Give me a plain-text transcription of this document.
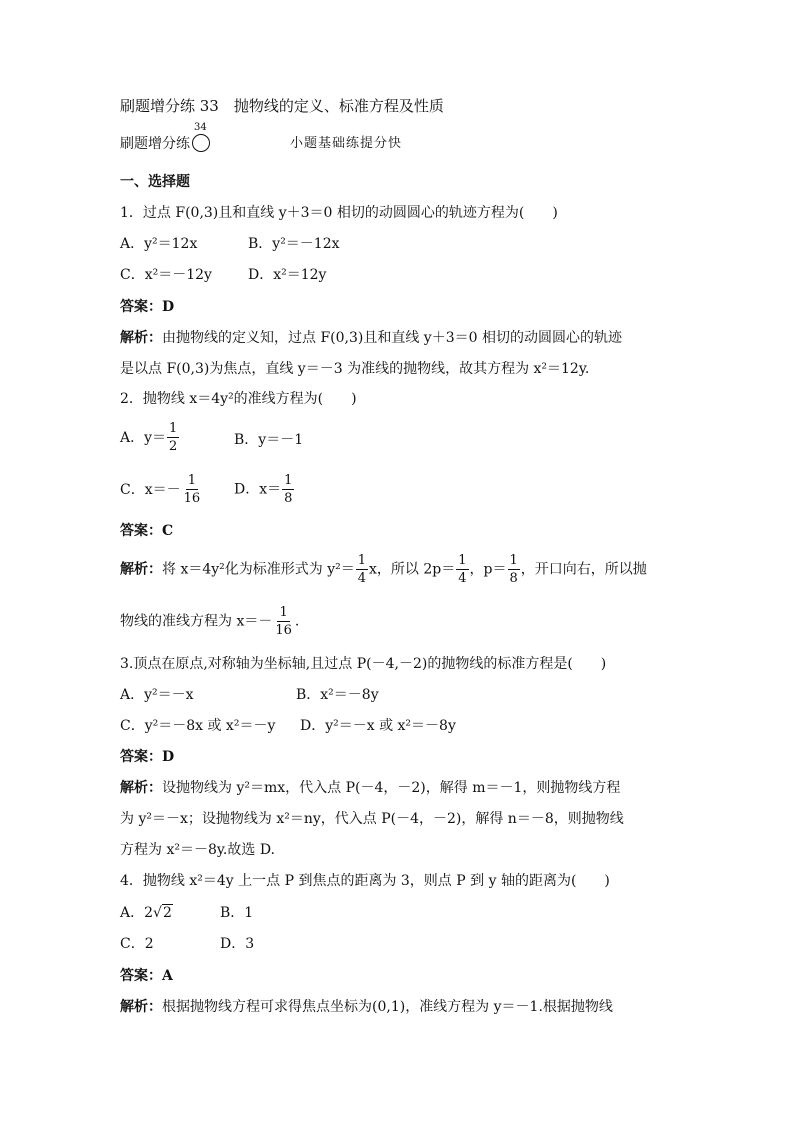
刷题增分练 33　抛物线的定义、标准方程及性质
刷题增分练
34
小题基础练提分快
一、选择题
1．过点 F(0,3)且和直线 y＋3＝0 相切的动圆圆心的轨迹方程为(　　)
A．y²＝12x	B．y²＝－12x
C．x²＝－12y	D．x²＝12y
答案：D
解析：由抛物线的定义知，过点 F(0,3)且和直线 y＋3＝0 相切的动圆圆心的轨迹
是以点 F(0,3)为焦点，直线 y＝－3 为准线的抛物线，故其方程为 x²＝12y.
2．抛物线 x＝4y²的准线方程为(　　)
A．$y= \frac{1}{2}$	B．y＝－1
C．$x=- \frac{1}{16}$ D．$x= \frac{1}{8}$
答案：C
解析：将 x＝4y²化为标准形式为 $y^2= \frac{1}{4}$ x，所以 $2p= \frac{1}{4}$ ，$p= \frac{1}{8}$ ，开口向右，所以抛
物线的准线方程为 $x=- \frac{1}{16}$ .
3.顶点在原点,对称轴为坐标轴,且过点 P(－4,－2)的抛物线的标准方程是(　　)
A．y²＝－x	B．x²＝－8y
C．y²＝－8x 或 x²＝－y D．y²＝－x 或 x²＝－8y
答案：D
解析：设抛物线为 y²＝mx，代入点 P(－4，－2)，解得 m＝－1，则抛物线方程
为 y²＝－x；设抛物线为 x²＝ny，代入点 P(－4，－2)，解得 n＝－8，则抛物线
方程为 x²＝－8y.故选 D.
4．抛物线 x²＝4y 上一点 P 到焦点的距离为 3，则点 P 到 y 轴的距离为(　　)
A．2√2	B．1
C．2	D．3
答案：A
解析：根据抛物线方程可求得焦点坐标为(0,1)，准线方程为 y＝－1.根据抛物线
